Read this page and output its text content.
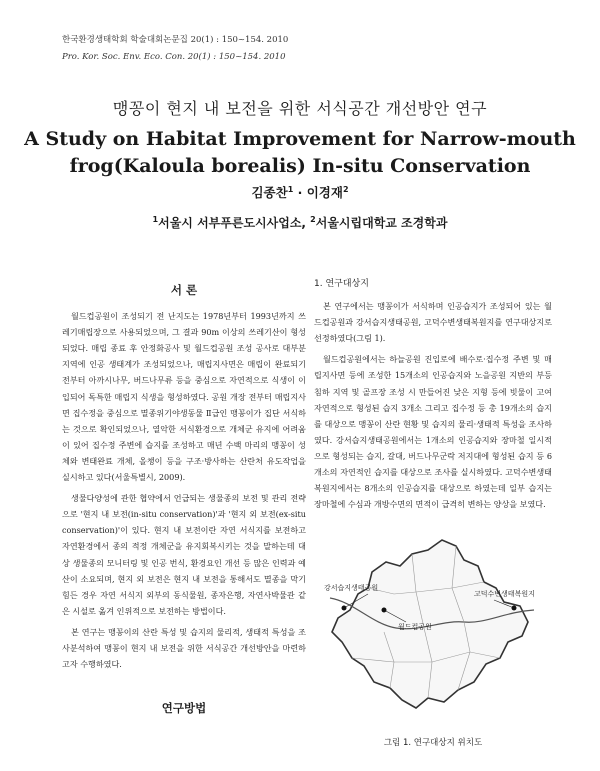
한국환경생태학회 학술대회논문집 20(1) : 150~154. 2010
Pro. Kor. Soc. Env. Eco. Con. 20(1) : 150~154. 2010
맹꽁이 현지 내 보전을 위한 서식공간 개선방안 연구
A Study on Habitat Improvement for Narrow-mouth
frog(Kaloula borealis) In-situ Conservation
김종찬$^1$ · 이경재$^2$
$^1$서울시 서부푸른도시사업소, $^2$서울시립대학교 조경학과
서 론

월드컵공원이 조성되기 전 난지도는 1978년부터 1993년까지 쓰레기매립장으로 사용되었으며, 그 결과 90m 이상의 쓰레기산이 형성되었다. 매립 종료 후 안정화공사 및 월드컵공원 조성 공사로 대부분 지역에 인공 생태계가 조성되었으나, 매립지사면은 매립이 완료되기 전부터 아까시나무, 버드나무류 등을 중심으로 자연적으로 식생이 이입되어 독특한 매립지 식생을 형성하였다. 공원 개장 전부터 매립지사면 집수정을 중심으로 멸종위기야생동물 Ⅱ급인 맹꽁이가 집단 서식하는 것으로 확인되었으나, 열악한 서식환경으로 개체군 유지에 어려움이 있어 집수정 주변에 습지를 조성하고 매년 수백 마리의 맹꽁이 성체와 변태완료 개체, 올챙이 등을 구조·방사하는 산란처 유도작업을 실시하고 있다(서울특별시, 2009).

생물다양성에 관한 협약에서 언급되는 생물종의 보전 및 관리 전략으로 '현지 내 보전(in-situ conservation)'과 '현지 외 보전(ex-situ conservation)'이 있다. 현지 내 보전이란 자연 서식지를 보전하고 자연환경에서 종의 적정 개체군을 유지회복시키는 것을 말하는데 대상 생물종의 모니터링 및 인공 번식, 환경요인 개선 등 많은 인력과 예산이 소요되며, 현지 외 보전은 현지 내 보전을 통해서도 멸종을 막기 힘든 경우 자연 서식지 외부의 동식물원, 종자은행, 자연사박물관 같은 시설로 옮겨 인위적으로 보전하는 방법이다.

본 연구는 맹꽁이의 산란 특성 및 습지의 물리적, 생태적 특성을 조사분석하여 맹꽁이 현지 내 보전을 위한 서식공간 개선방안을 마련하고자 수행하였다.

연구방법
1. 연구대상지

본 연구에서는 맹꽁이가 서식하며 인공습지가 조성되어 있는 월드컵공원과 강서습지생태공원, 고덕수변생태복원지를 연구대상지로 선정하였다(그림 1).

월드컵공원에서는 하늘공원 진입로에 배수로·집수정 주변 및 매립지사면 등에 조성한 15개소의 인공습지와 노을공원 지반의 부등침하 지역 및 골프장 조성 시 만들어진 낮은 지형 등에 빗물이 고여 자연적으로 형성된 습지 3개소 그리고 집수정 등 총 19개소의 습지를 대상으로 맹꽁이 산란 현황 및 습지의 물리·생태적 특성을 조사하였다. 강서습지생태공원에서는 1개소의 인공습지와 장마철 일시적으로 형성되는 습지, 갈대, 버드나무군락 저지대에 형성된 습지 등 6개소의 자연적인 습지를 대상으로 조사를 실시하였다. 고덕수변생태복원지에서는 8개소의 인공습지를 대상으로 하였는데 일부 습지는 장마철에 수심과 개방수면의 면적이 급격히 변하는 양상을 보였다.

강서습지생태공원
월드컵공원
고덕수변생태복원지
그림 1. 연구대상지 위치도
